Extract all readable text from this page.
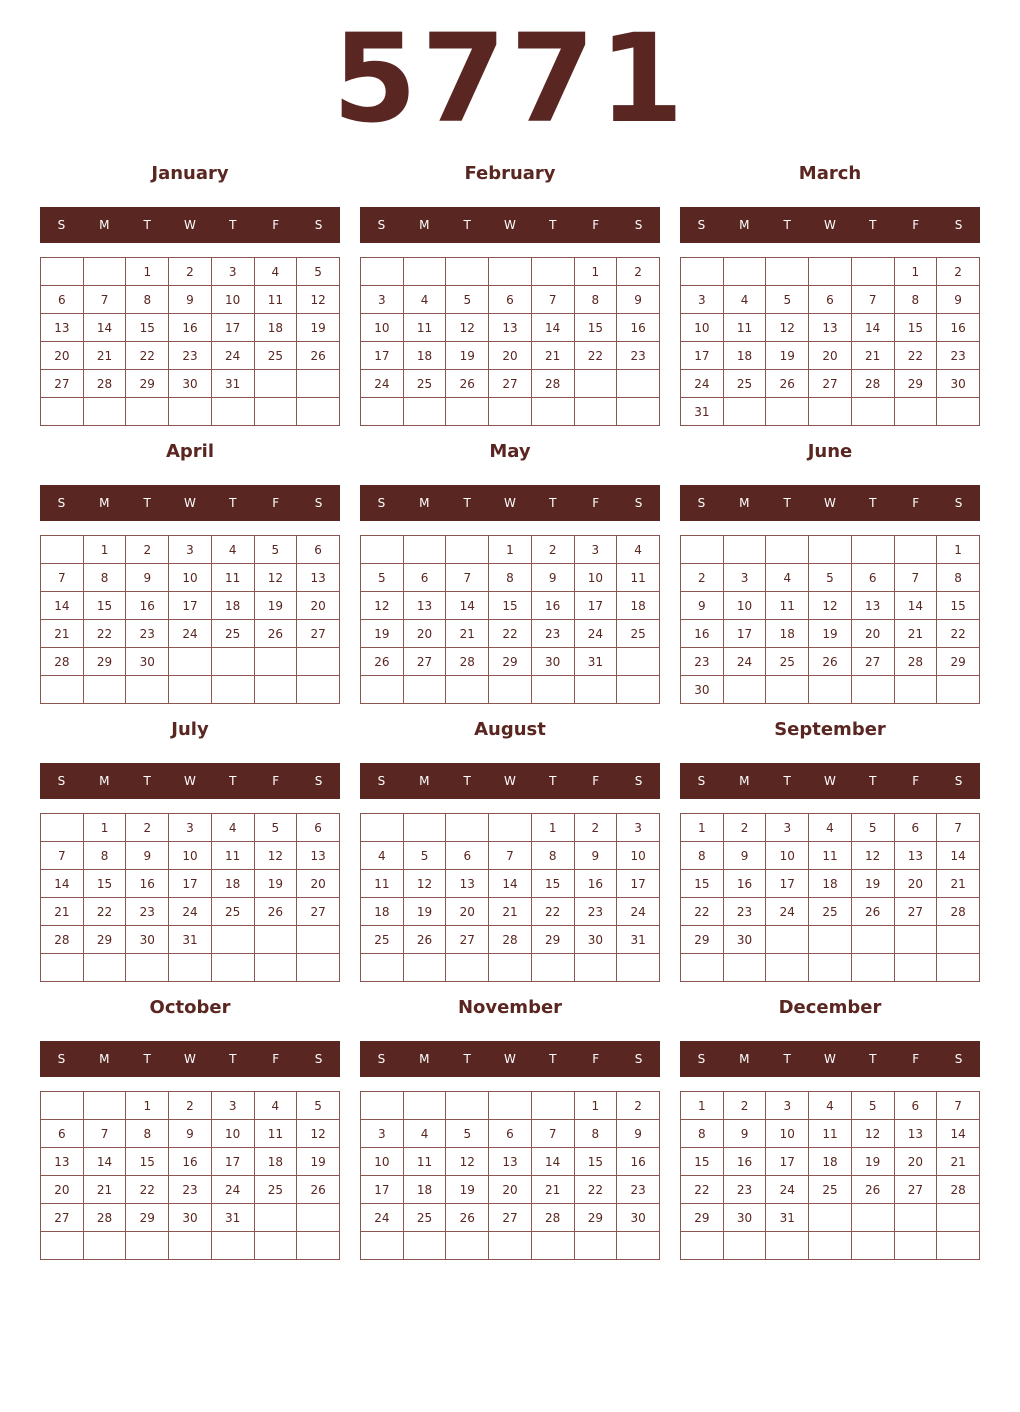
5771
January
S	M	T	W	T	F	S
		1	2	3	4	5
6	7	8	9	10	11	12
13	14	15	16	17	18	19
20	21	22	23	24	25	26
27	28	29	30	31		

February
S	M	T	W	T	F	S
					1	2
3	4	5	6	7	8	9
10	11	12	13	14	15	16
17	18	19	20	21	22	23
24	25	26	27	28		

March
S	M	T	W	T	F	S
					1	2
3	4	5	6	7	8	9
10	11	12	13	14	15	16
17	18	19	20	21	22	23
24	25	26	27	28	29	30
31						
April
S	M	T	W	T	F	S
	1	2	3	4	5	6
7	8	9	10	11	12	13
14	15	16	17	18	19	20
21	22	23	24	25	26	27
28	29	30				

May
S	M	T	W	T	F	S
			1	2	3	4
5	6	7	8	9	10	11
12	13	14	15	16	17	18
19	20	21	22	23	24	25
26	27	28	29	30	31	

June
S	M	T	W	T	F	S
						1
2	3	4	5	6	7	8
9	10	11	12	13	14	15
16	17	18	19	20	21	22
23	24	25	26	27	28	29
30						
July
S	M	T	W	T	F	S
	1	2	3	4	5	6
7	8	9	10	11	12	13
14	15	16	17	18	19	20
21	22	23	24	25	26	27
28	29	30	31			

August
S	M	T	W	T	F	S
				1	2	3
4	5	6	7	8	9	10
11	12	13	14	15	16	17
18	19	20	21	22	23	24
25	26	27	28	29	30	31

September
S	M	T	W	T	F	S
1	2	3	4	5	6	7
8	9	10	11	12	13	14
15	16	17	18	19	20	21
22	23	24	25	26	27	28
29	30					

October
S	M	T	W	T	F	S
		1	2	3	4	5
6	7	8	9	10	11	12
13	14	15	16	17	18	19
20	21	22	23	24	25	26
27	28	29	30	31		

November
S	M	T	W	T	F	S
					1	2
3	4	5	6	7	8	9
10	11	12	13	14	15	16
17	18	19	20	21	22	23
24	25	26	27	28	29	30

December
S	M	T	W	T	F	S
1	2	3	4	5	6	7
8	9	10	11	12	13	14
15	16	17	18	19	20	21
22	23	24	25	26	27	28
29	30	31				
